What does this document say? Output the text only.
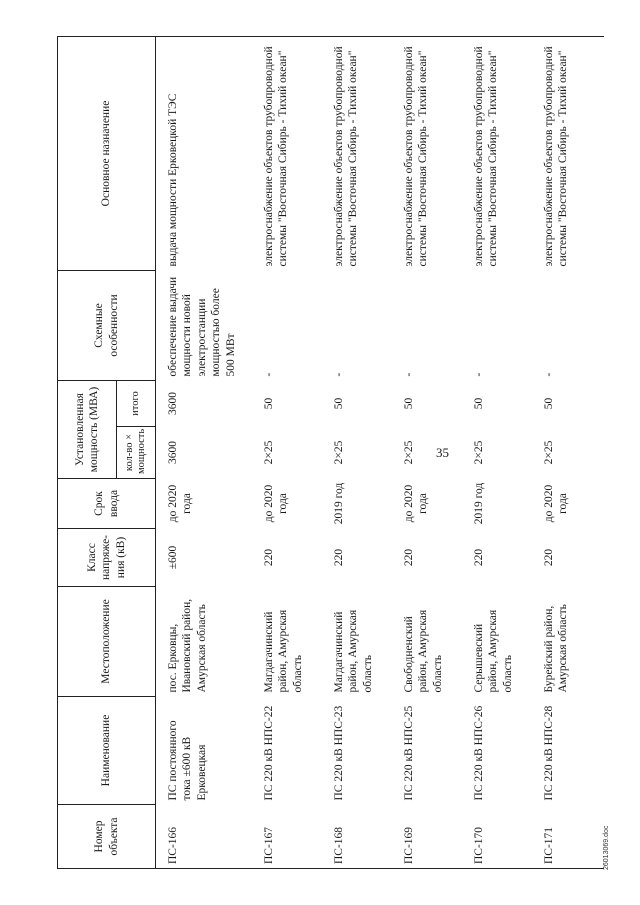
35
Номер объекта	Наименование	Местоположение	Класс напряже-ния (кВ)	Срок ввода	Установленная мощность (МВА)		Схемные особенности	Основное назначение
					кол-во × мощность	итого		
ПС-166	ПС постоянного тока ±600 кВ Ерковецкая	пос. Ерковцы, Ивановский район, Амурская область	±600	до 2020 года	3600	3600	обеспечение выдачи мощности новой электростанции мощностью более 500 МВт	выдача мощности Ерковецкой ТЭС
ПС-167	ПС 220 кВ НПС-22	Магдагачинский район, Амурская область	220	до 2020 года	2×25	50	-	электроснабжение объектов трубопроводной системы "Восточная Сибирь - Тихий океан"
ПС-168	ПС 220 кВ НПС-23	Магдагачинский район, Амурская область	220	2019 год	2×25	50	-	электроснабжение объектов трубопроводной системы "Восточная Сибирь - Тихий океан"
ПС-169	ПС 220 кВ НПС-25	Свободненский район, Амурская область	220	до 2020 года	2×25	50	-	электроснабжение объектов трубопроводной системы "Восточная Сибирь - Тихий океан"
ПС-170	ПС 220 кВ НПС-26	Серышевский район, Амурская область	220	2019 год	2×25	50	-	электроснабжение объектов трубопроводной системы "Восточная Сибирь - Тихий океан"
ПС-171	ПС 220 кВ НПС-28	Бурейский район, Амурская область	220	до 2020 года	2×25	50	-	электроснабжение объектов трубопроводной системы "Восточная Сибирь - Тихий океан"
26013069.doc
